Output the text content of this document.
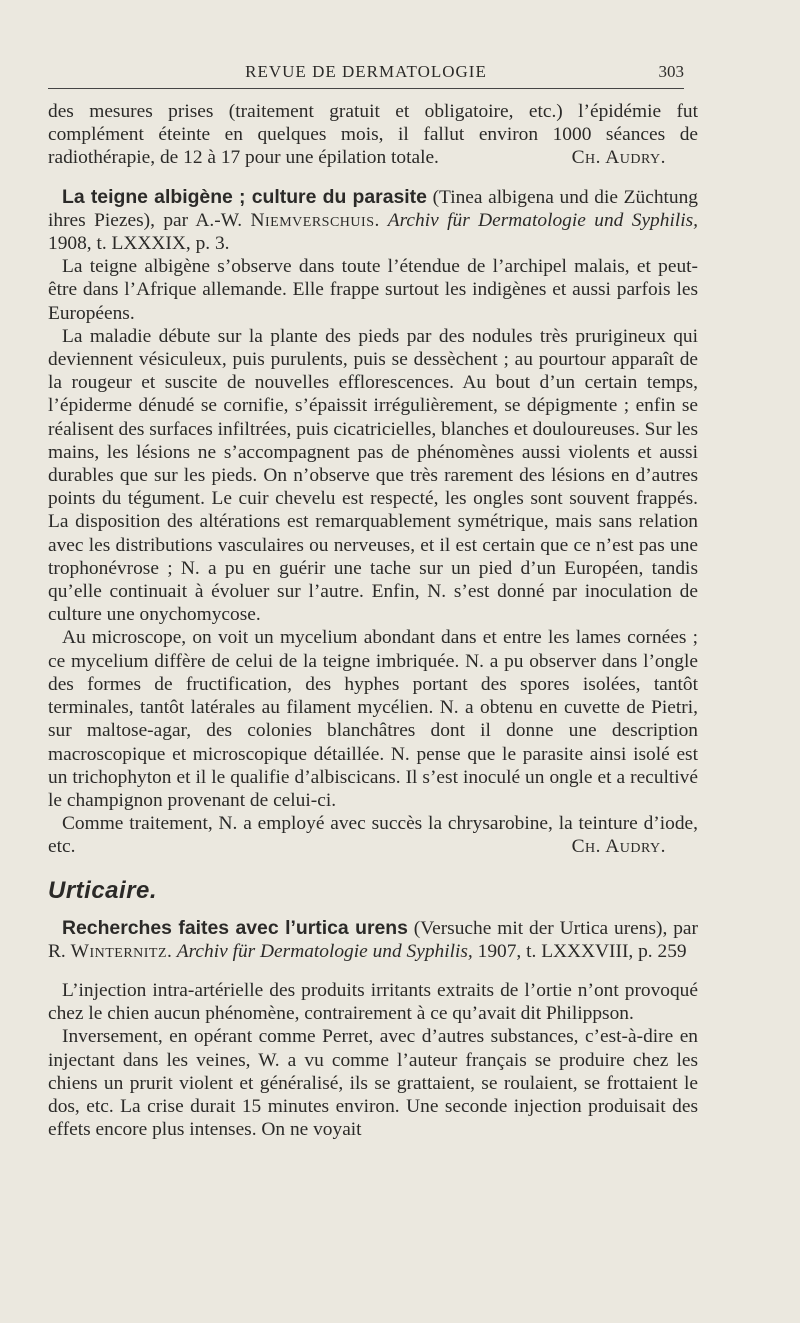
REVUE DE DERMATOLOGIE	303

des mesures prises (traitement gratuit et obligatoire, etc.) l’épidémie fut complément éteinte en quelques mois, il fallut environ 1000 séances de radiothérapie, de 12 à 17 pour une épilation totale.	Ch. Audry.

La teigne albigène ; culture du parasite (Tinea albigena und die Züchtung ihres Piezes), par A.-W. Niemverschuis. Archiv für Dermatologie und Syphilis, 1908, t. LXXXIX, p. 3.

La teigne albigène s’observe dans toute l’étendue de l’archipel malais, et peut-être dans l’Afrique allemande. Elle frappe surtout les indigènes et aussi parfois les Européens.

La maladie débute sur la plante des pieds par des nodules très prurigineux qui deviennent vésiculeux, puis purulents, puis se dessèchent ; au pourtour apparaît de la rougeur et suscite de nouvelles efflorescences. Au bout d’un certain temps, l’épiderme dénudé se cornifie, s’épaissit irrégulièrement, se dépigmente ; enfin se réalisent des surfaces infiltrées, puis cicatricielles, blanches et douloureuses. Sur les mains, les lésions ne s’accompagnent pas de phénomènes aussi violents et aussi durables que sur les pieds. On n’observe que très rarement des lésions en d’autres points du tégument. Le cuir chevelu est respecté, les ongles sont souvent frappés. La disposition des altérations est remarquablement symétrique, mais sans relation avec les distributions vasculaires ou nerveuses, et il est certain que ce n’est pas une trophonévrose ; N. a pu en guérir une tache sur un pied d’un Européen, tandis qu’elle continuait à évoluer sur l’autre. Enfin, N. s’est donné par inoculation de culture une onychomycose.

Au microscope, on voit un mycelium abondant dans et entre les lames cornées ; ce mycelium diffère de celui de la teigne imbriquée. N. a pu observer dans l’ongle des formes de fructification, des hyphes portant des spores isolées, tantôt terminales, tantôt latérales au filament mycélien. N. a obtenu en cuvette de Pietri, sur maltose-agar, des colonies blanchâtres dont il donne une description macroscopique et microscopique détaillée. N. pense que le parasite ainsi isolé est un trichophyton et il le qualifie d’albiscicans. Il s’est inoculé un ongle et a recultivé le champignon provenant de celui-ci.

Comme traitement, N. a employé avec succès la chrysarobine, la teinture d’iode, etc.	Ch. Audry.

Urticaire.

Recherches faites avec l’urtica urens (Versuche mit der Urtica urens), par R. Winternitz. Archiv für Dermatologie und Syphilis, 1907, t. LXXXVIII, p. 259

L’injection intra-artérielle des produits irritants extraits de l’ortie n’ont provoqué chez le chien aucun phénomène, contrairement à ce qu’avait dit Philippson.

Inversement, en opérant comme Perret, avec d’autres substances, c’est-à-dire en injectant dans les veines, W. a vu comme l’auteur français se produire chez les chiens un prurit violent et généralisé, ils se grattaient, se roulaient, se frottaient le dos, etc. La crise durait 15 minutes environ. Une seconde injection produisait des effets encore plus intenses. On ne voyait
